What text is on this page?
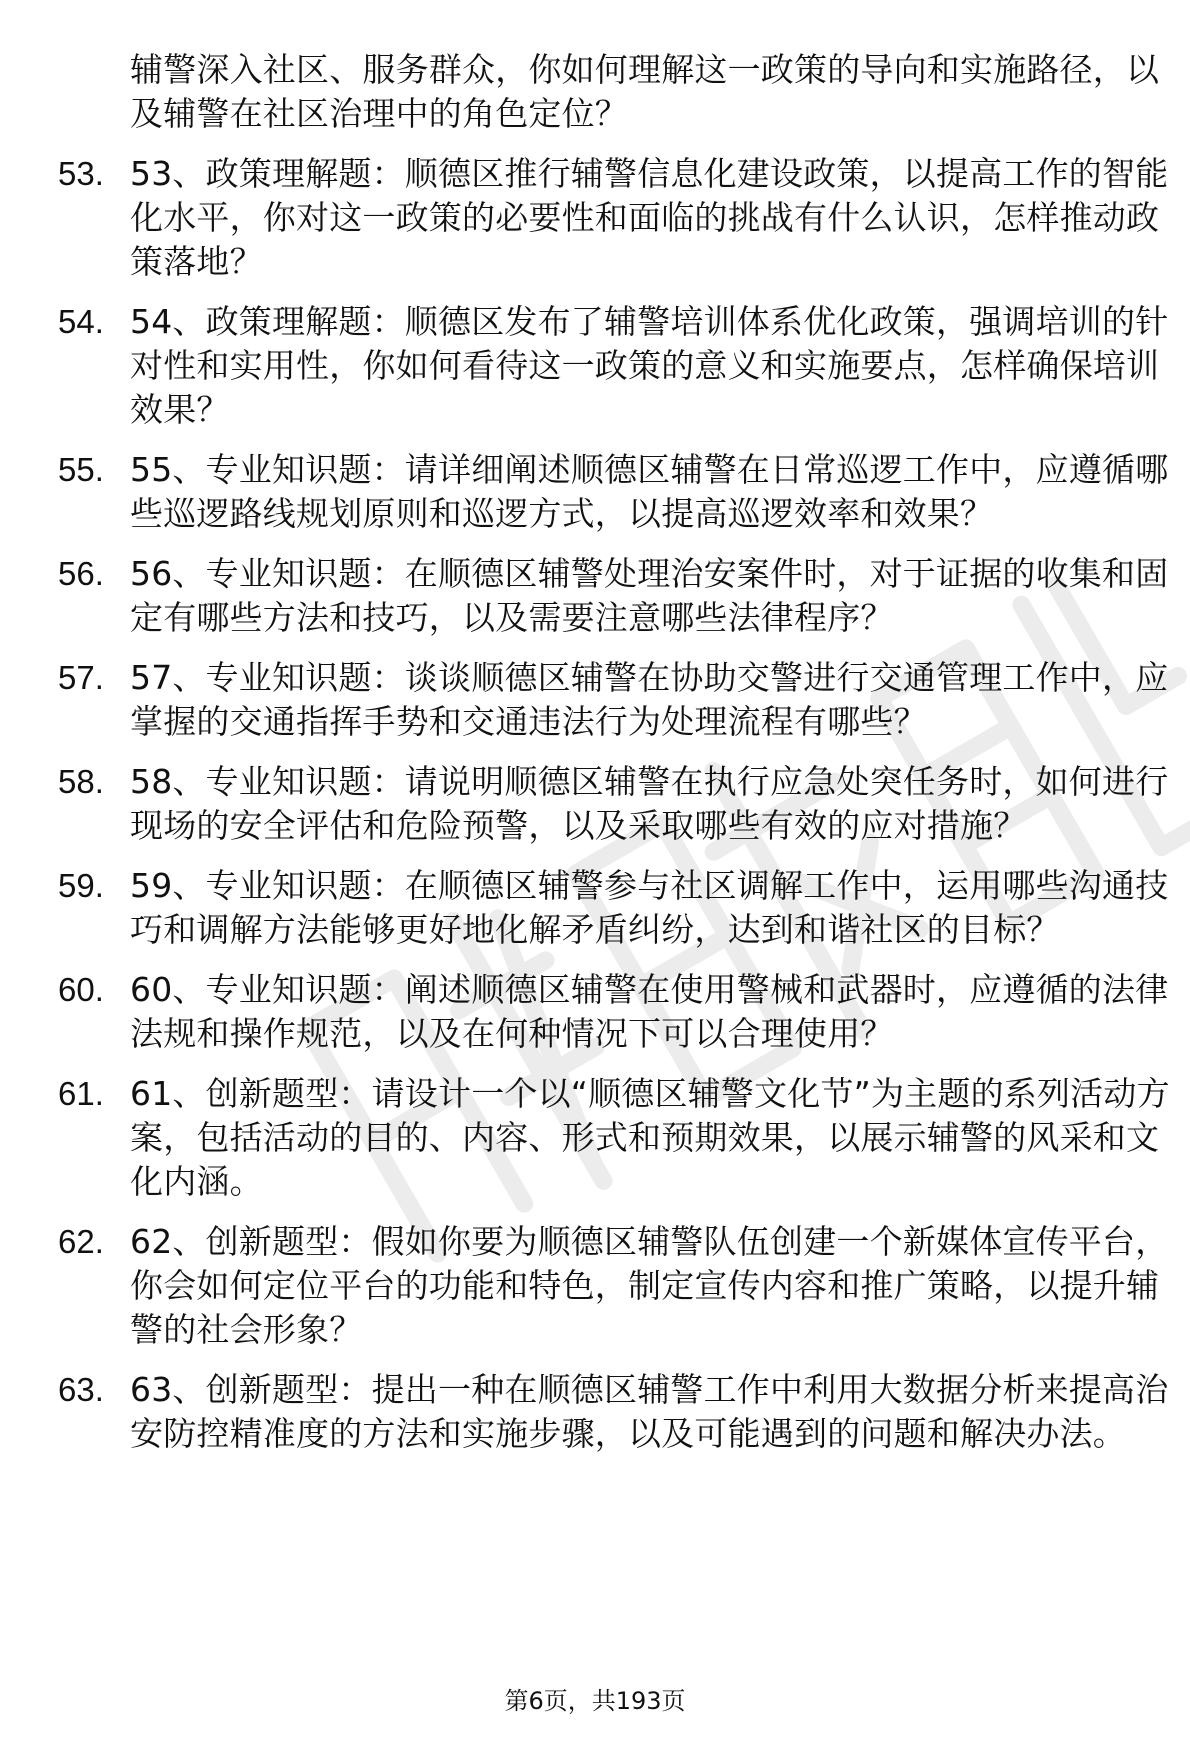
辅警深入社区、服务群众，你如何理解这一政策的导向和实施路径，以及辅警在社区治理中的角色定位？
53. 53、政策理解题：顺德区推行辅警信息化建设政策，以提高工作的智能化水平，你对这一政策的必要性和面临的挑战有什么认识，怎样推动政策落地？
54. 54、政策理解题：顺德区发布了辅警培训体系优化政策，强调培训的针对性和实用性，你如何看待这一政策的意义和实施要点，怎样确保培训效果？
55. 55、专业知识题：请详细阐述顺德区辅警在日常巡逻工作中，应遵循哪些巡逻路线规划原则和巡逻方式，以提高巡逻效率和效果？
56. 56、专业知识题：在顺德区辅警处理治安案件时，对于证据的收集和固定有哪些方法和技巧，以及需要注意哪些法律程序？
57. 57、专业知识题：谈谈顺德区辅警在协助交警进行交通管理工作中，应掌握的交通指挥手势和交通违法行为处理流程有哪些？
58. 58、专业知识题：请说明顺德区辅警在执行应急处突任务时，如何进行现场的安全评估和危险预警，以及采取哪些有效的应对措施？
59. 59、专业知识题：在顺德区辅警参与社区调解工作中，运用哪些沟通技巧和调解方法能够更好地化解矛盾纠纷，达到和谐社区的目标？
60. 60、专业知识题：阐述顺德区辅警在使用警械和武器时，应遵循的法律法规和操作规范，以及在何种情况下可以合理使用？
61. 61、创新题型：请设计一个以“顺德区辅警文化节”为主题的系列活动方案，包括活动的目的、内容、形式和预期效果，以展示辅警的风采和文化内涵。
62. 62、创新题型：假如你要为顺德区辅警队伍创建一个新媒体宣传平台，你会如何定位平台的功能和特色，制定宣传内容和推广策略，以提升辅警的社会形象？
63. 63、创新题型：提出一种在顺德区辅警工作中利用大数据分析来提高治安防控精准度的方法和实施步骤，以及可能遇到的问题和解决办法。
第6页，共193页
